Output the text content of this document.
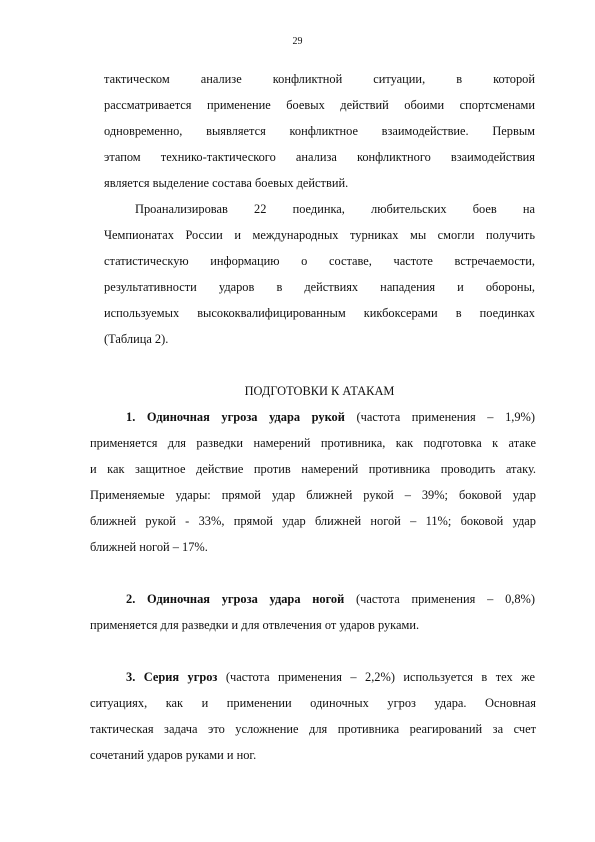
29
тактическом анализе конфликтной ситуации, в которой
рассматривается применение боевых действий обоими спортсменами
одновременно, выявляется конфликтное взаимодействие. Первым
этапом технико-тактического анализа конфликтного взаимодействия
является выделение состава боевых действий.
Проанализировав 22 поединка, любительских боев на
Чемпионатах России и международных турниках мы смогли получить
статистическую информацию о составе, частоте встречаемости,
результативности ударов в действиях нападения и обороны,
используемых высококвалифицированным кикбоксерами в поединках
(Таблица 2).
ПОДГОТОВКИ К АТАКАМ
1. Одиночная угроза удара рукой (частота применения – 1,9%)
применяется для разведки намерений противника, как подготовка к атаке
и как защитное действие против намерений противника проводить атаку.
Применяемые удары: прямой удар ближней рукой – 39%; боковой удар
ближней рукой - 33%, прямой удар ближней ногой – 11%; боковой удар
ближней ногой – 17%.
2. Одиночная угроза удара ногой (частота применения – 0,8%)
применяется для разведки и для отвлечения от ударов руками.
3. Серия угроз (частота применения – 2,2%) используется в тех же
ситуациях, как и применении одиночных угроз удара. Основная
тактическая задача это усложнение для противника реагирований за счет
сочетаний ударов руками и ног.
